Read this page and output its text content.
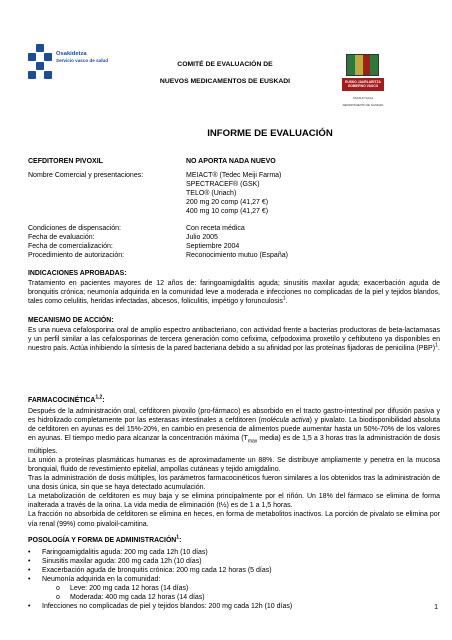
Osakidetza
Servicio vasco de salud
COMITÉ DE EVALUACIÓN DE
NUEVOS MEDICAMENTOS DE EUSKADI	EUSKO JAURLARITZA
GOBIERNO VASCO
OSASUN SAILA
DEPARTAMENTO DE SANIDAD
INFORME DE EVALUACIÓN
CEFDITOREN PIVOXIL	NO APORTA NADA NUEVO
Nombre Comercial y presentaciones:	MEIACT® (Tedec Meiji Farma)
SPECTRACEF® (GSK)
TELO® (Uriach)
200 mg 20 comp (41,27 €)
400 mg 10 comp (41,27 €)
Condiciones de dispensación:	Con receta médica
Fecha de evaluación:	Julio 2005
Fecha de comercialización:	Septiembre 2004
Procedimiento de autorización:	Reconocimiento mutuo (España)
INDICACIONES APROBADAS:
Tratamiento en pacientes mayores de 12 años de: faringoamigdalitis aguda; sinusitis maxilar aguda; exacerbación aguda de bronquitis crónica; neumonía adquirida en la comunidad leve a moderada e infecciones no complicadas de la piel y tejidos blandos, tales como celulitis, heridas infectadas, abcesos, foliculitis, impétigo y forunculosis$^1$.
MECANISMO DE ACCIÓN:
Es una nueva cefalosporina oral de amplio espectro antibacteriano, con actividad frente a bacterias productoras de beta-lactamasas y un perfil similar a las cefalosporinas de tercera generación como cefixima, cefpodoxima proxetilo y ceftibuteno ya disponibles en nuestro país. Actúa inhibiendo la síntesis de la pared bacteriana debido a su afinidad por las proteínas fijadoras de penicilina (PBP)$^1$.
FARMACOCINÉTICA$^{1,2}$:

Después de la administración oral, cefditoren pivoxilo (pro-fármaco) es absorbido en el tracto gastro-intestinal por difusión pasiva y es hidrolizado completamente por las esterasas intestinales a cefditoren (molécula activa) y pivalato. La biodisponibilidad absoluta de cefditoren en ayunas es del 15%-20%, en cambio en presencia de alimentos puede aumentar hasta un 50%-70% de los valores en ayunas. El tiempo medio para alcanzar la concentración máxima ($T_{max}$ media) es de 1,5 a 3 horas tras la administración de dosis múltiples.

La unión a proteínas plasmáticas humanas es de aproximadamente un 88%. Se distribuye ampliamente y penetra en la mucosa bronquial, fluido de revestimiento epitelial, ampollas cutáneas y tejido amigdalino.

Tras la administración de dosis múltiples, los parámetros farmacocinéticos fueron similares a los obtenidos tras la administración de una dosis única, sin que se haya detectado acumulación.

La metabolización de cefditoren es muy baja y se elimina principalmente por el riñón. Un 18% del fármaco se elimina de forma inalterada a través de la orina. La vida media de eliminación (t½) es de 1 a 1,5 horas.

La fracción no absorbida de cefditoren se elimina en heces, en forma de metabolitos inactivos. La porción de pivalato se elimina por vía renal (99%) como pivaloil-carnitina.

POSOLOGÍA Y FORMA DE ADMINISTRACIÓN$^1$:
• Faringoamigdalitis aguda: 200 mg cada 12h (10 días)
• Sinusitis maxilar aguda: 200 mg cada 12h (10 días)
• Exacerbación aguda de bronquitis crónica: 200 mg cada 12 horas (5 días)
• Neumonía adquirida en la comunidad:
o Leve: 200 mg cada 12 horas (14 días)
o Moderada: 400 mg cada 12 horas (14 días)
• Infecciones no complicadas de piel y tejidos blandos: 200 mg cada 12h (10 días)	1
